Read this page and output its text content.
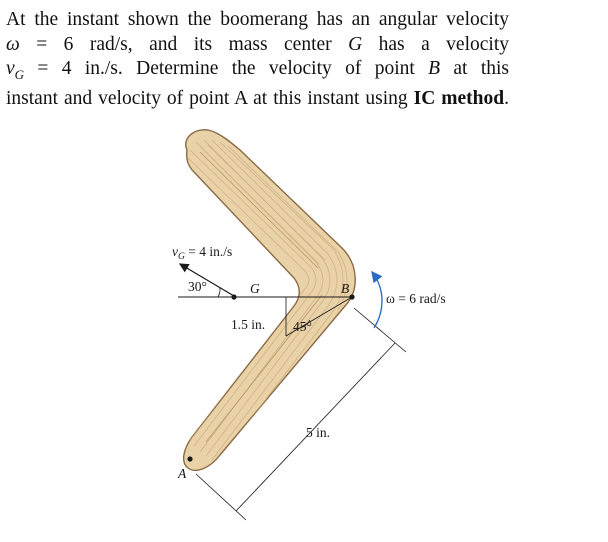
At the instant shown the boomerang has an angular velocity
ω = 6 rad/s, and its mass center G has a velocity
$v_G = 4$ in./s. Determine the velocity of point B at this
instant and velocity of point A at this instant using IC method.
$v_G = 4$ in./s
30°	G	B
A
ω = 6 rad/s
1.5 in. 45°
5 in.
